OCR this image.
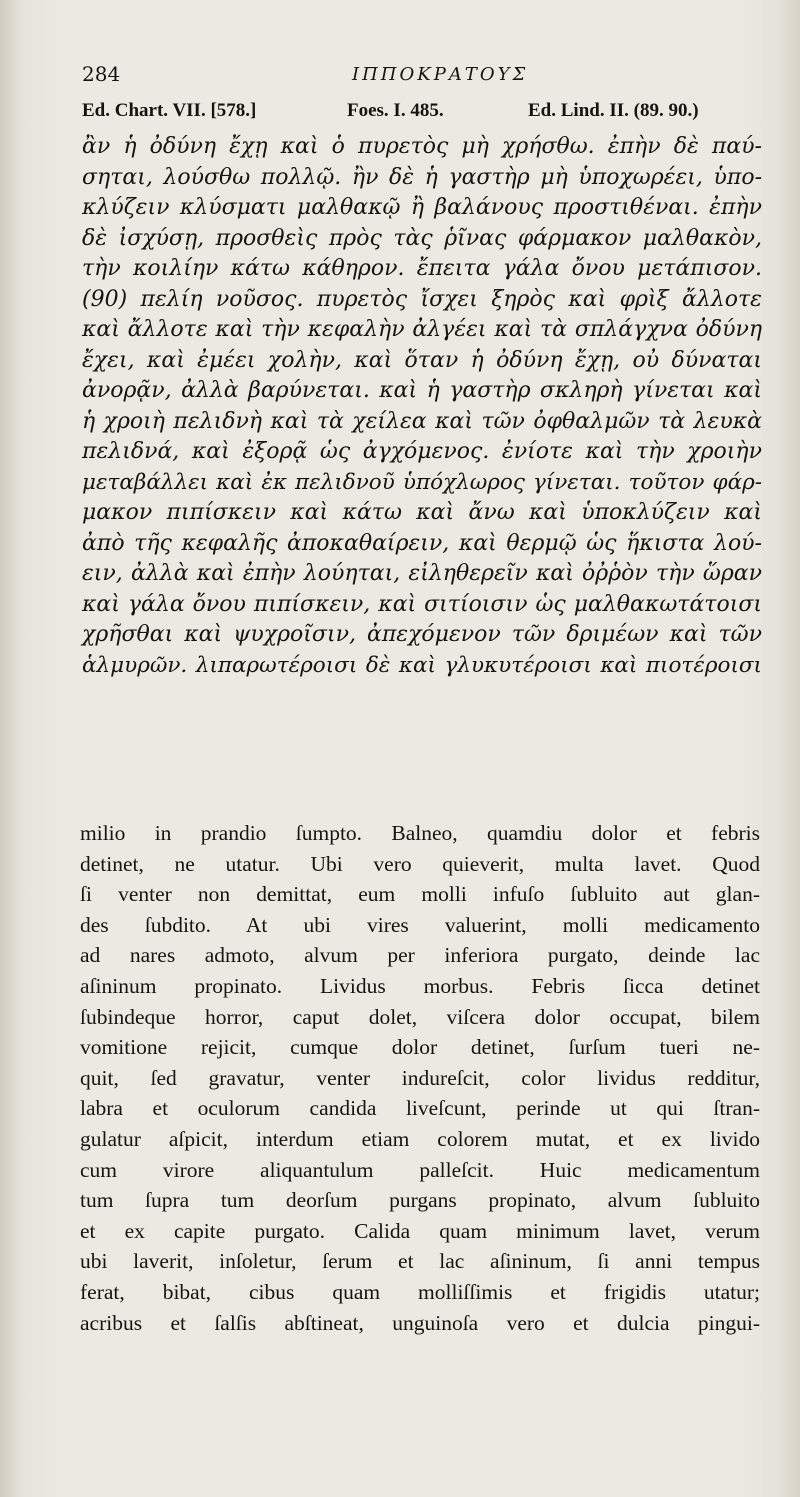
284	ΙΠΠΟΚΡΑΤΟΥΣ
Ed. Chart. VII. [578.]	Foes. I. 485.	Ed. Lind. II. (89. 90.)
ἂν ἡ ὀδύνη ἔχῃ καὶ ὁ πυρετὸς μὴ χρήσθω. ἐπὴν δὲ παύ-
σηται, λούσθω πολλῷ. ἢν δὲ ἡ γαστὴρ μὴ ὑποχωρέει, ὑπο-
κλύζειν κλύσματι μαλθακῷ ἢ βαλάνους προστιθέναι. ἐπὴν
δὲ ἰσχύσῃ, προσθεὶς πρὸς τὰς ῥῖνας φάρμακον μαλθακὸν,
τὴν κοιλίην κάτω κάθηρον. ἔπειτα γάλα ὄνου μετάπισον.
(90) πελίη νοῦσος. πυρετὸς ἴσχει ξηρὸς καὶ φρὶξ ἄλλοτε
καὶ ἄλλοτε καὶ τὴν κεφαλὴν ἀλγέει καὶ τὰ σπλάγχνα ὀδύνη
ἔχει, καὶ ἐμέει χολὴν, καὶ ὅταν ἡ ὀδύνη ἔχῃ, οὐ δύναται
ἀνορᾷν, ἀλλὰ βαρύνεται. καὶ ἡ γαστὴρ σκληρὴ γίνεται καὶ
ἡ χροιὴ πελιδνὴ καὶ τὰ χείλεα καὶ τῶν ὀφθαλμῶν τὰ λευκὰ
πελιδνά, καὶ ἐξορᾷ ὡς ἀγχόμενος. ἐνίοτε καὶ τὴν χροιὴν
μεταβάλλει καὶ ἐκ πελιδνοῦ ὑπόχλωρος γίνεται. τοῦτον φάρ-
μακον πιπίσκειν καὶ κάτω καὶ ἄνω καὶ ὑποκλύζειν καὶ
ἀπὸ τῆς κεφαλῆς ἀποκαθαίρειν, καὶ θερμῷ ὡς ἥκιστα λού-
ειν, ἀλλὰ καὶ ἐπὴν λούηται, εἰληθερεῖν καὶ ὀῤῥὸν τὴν ὥραν
καὶ γάλα ὄνου πιπίσκειν, καὶ σιτίοισιν ὡς μαλθακωτάτοισι
χρῆσθαι καὶ ψυχροῖσιν, ἀπεχόμενον τῶν δριμέων καὶ τῶν
ἁλμυρῶν. λιπαρωτέροισι δὲ καὶ γλυκυτέροισι καὶ πιοτέροισι
milio in prandio ſumpto. Balneo, quamdiu dolor et febris
detinet, ne utatur. Ubi vero quieverit, multa lavet. Quod
ſi venter non demittat, eum molli infuſo ſubluito aut glan-
des ſubdito. At ubi vires valuerint, molli medicamento
ad nares admoto, alvum per inferiora purgato, deinde lac
aſininum propinato. Lividus morbus. Febris ſicca detinet
ſubindeque horror, caput dolet, viſcera dolor occupat, bilem
vomitione rejicit, cumque dolor detinet, ſurſum tueri ne-
quit, ſed gravatur, venter indureſcit, color lividus redditur,
labra et oculorum candida liveſcunt, perinde ut qui ſtran-
gulatur aſpicit, interdum etiam colorem mutat, et ex livido
cum virore aliquantulum palleſcit. Huic medicamentum
tum ſupra tum deorſum purgans propinato, alvum ſubluito
et ex capite purgato. Calida quam minimum lavet, verum
ubi laverit, inſoletur, ſerum et lac aſininum, ſi anni tempus
ferat, bibat, cibus quam molliſſimis et frigidis utatur;
acribus et ſalſis abſtineat, unguinoſa vero et dulcia pingui-
